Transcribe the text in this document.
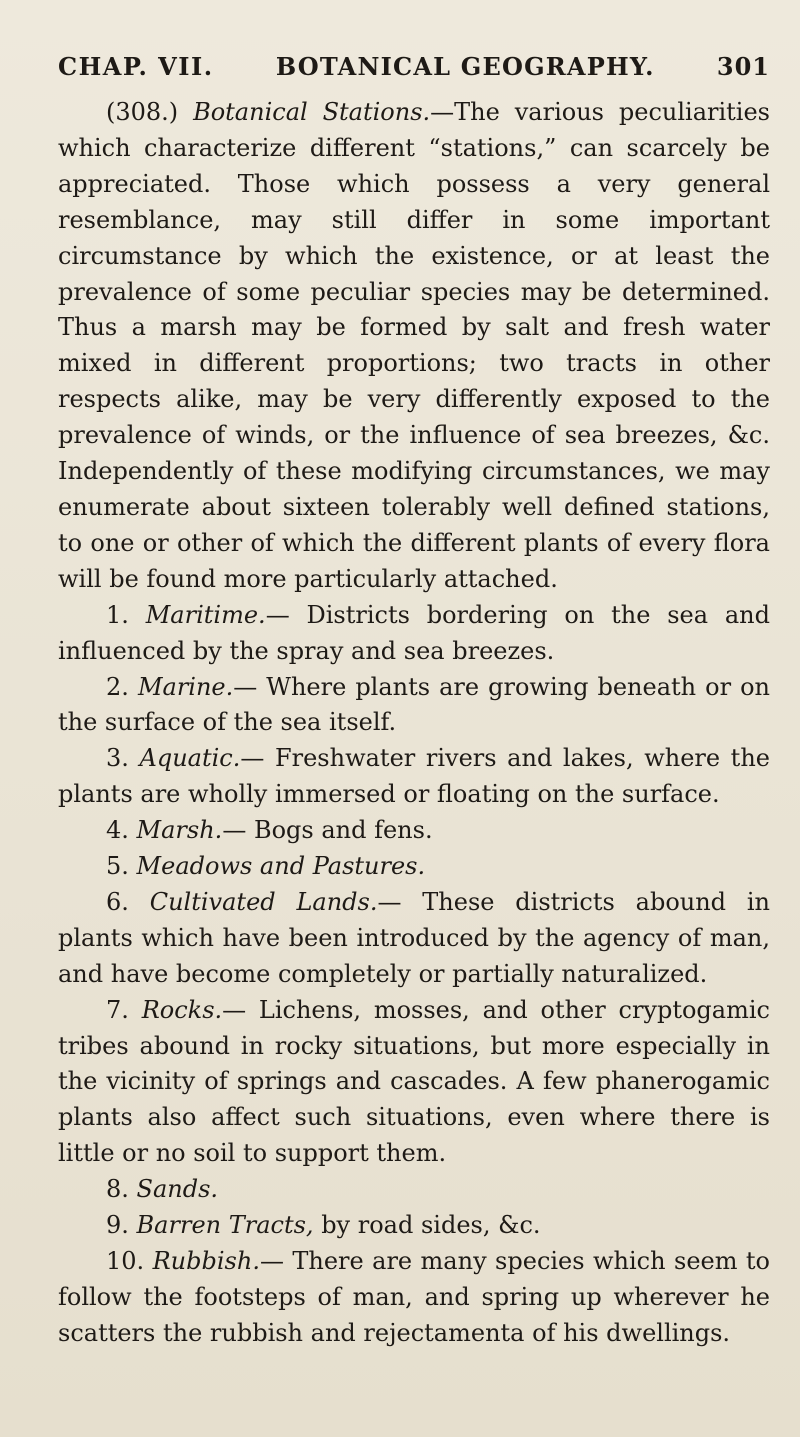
CHAP. VII.	BOTANICAL GEOGRAPHY.	301

(308.) Botanical Stations.—The various peculiarities which characterize different “stations,” can scarcely be appreciated. Those which possess a very general resemblance, may still differ in some important circumstance by which the existence, or at least the prevalence of some peculiar species may be determined. Thus a marsh may be formed by salt and fresh water mixed in different proportions; two tracts in other respects alike, may be very differently exposed to the prevalence of winds, or the influence of sea breezes, &c. Independently of these modifying circumstances, we may enumerate about sixteen tolerably well defined stations, to one or other of which the different plants of every flora will be found more particularly attached.

1. Maritime.— Districts bordering on the sea and influenced by the spray and sea breezes.

2. Marine.— Where plants are growing beneath or on the surface of the sea itself.

3. Aquatic.— Freshwater rivers and lakes, where the plants are wholly immersed or floating on the surface.

4. Marsh.— Bogs and fens.

5. Meadows and Pastures.

6. Cultivated Lands.— These districts abound in plants which have been introduced by the agency of man, and have become completely or partially naturalized.

7. Rocks.— Lichens, mosses, and other cryptogamic tribes abound in rocky situations, but more especially in the vicinity of springs and cascades. A few phanerogamic plants also affect such situations, even where there is little or no soil to support them.

8. Sands.

9. Barren Tracts, by road sides, &c.

10. Rubbish.— There are many species which seem to follow the footsteps of man, and spring up wherever he scatters the rubbish and rejectamenta of his dwellings.
